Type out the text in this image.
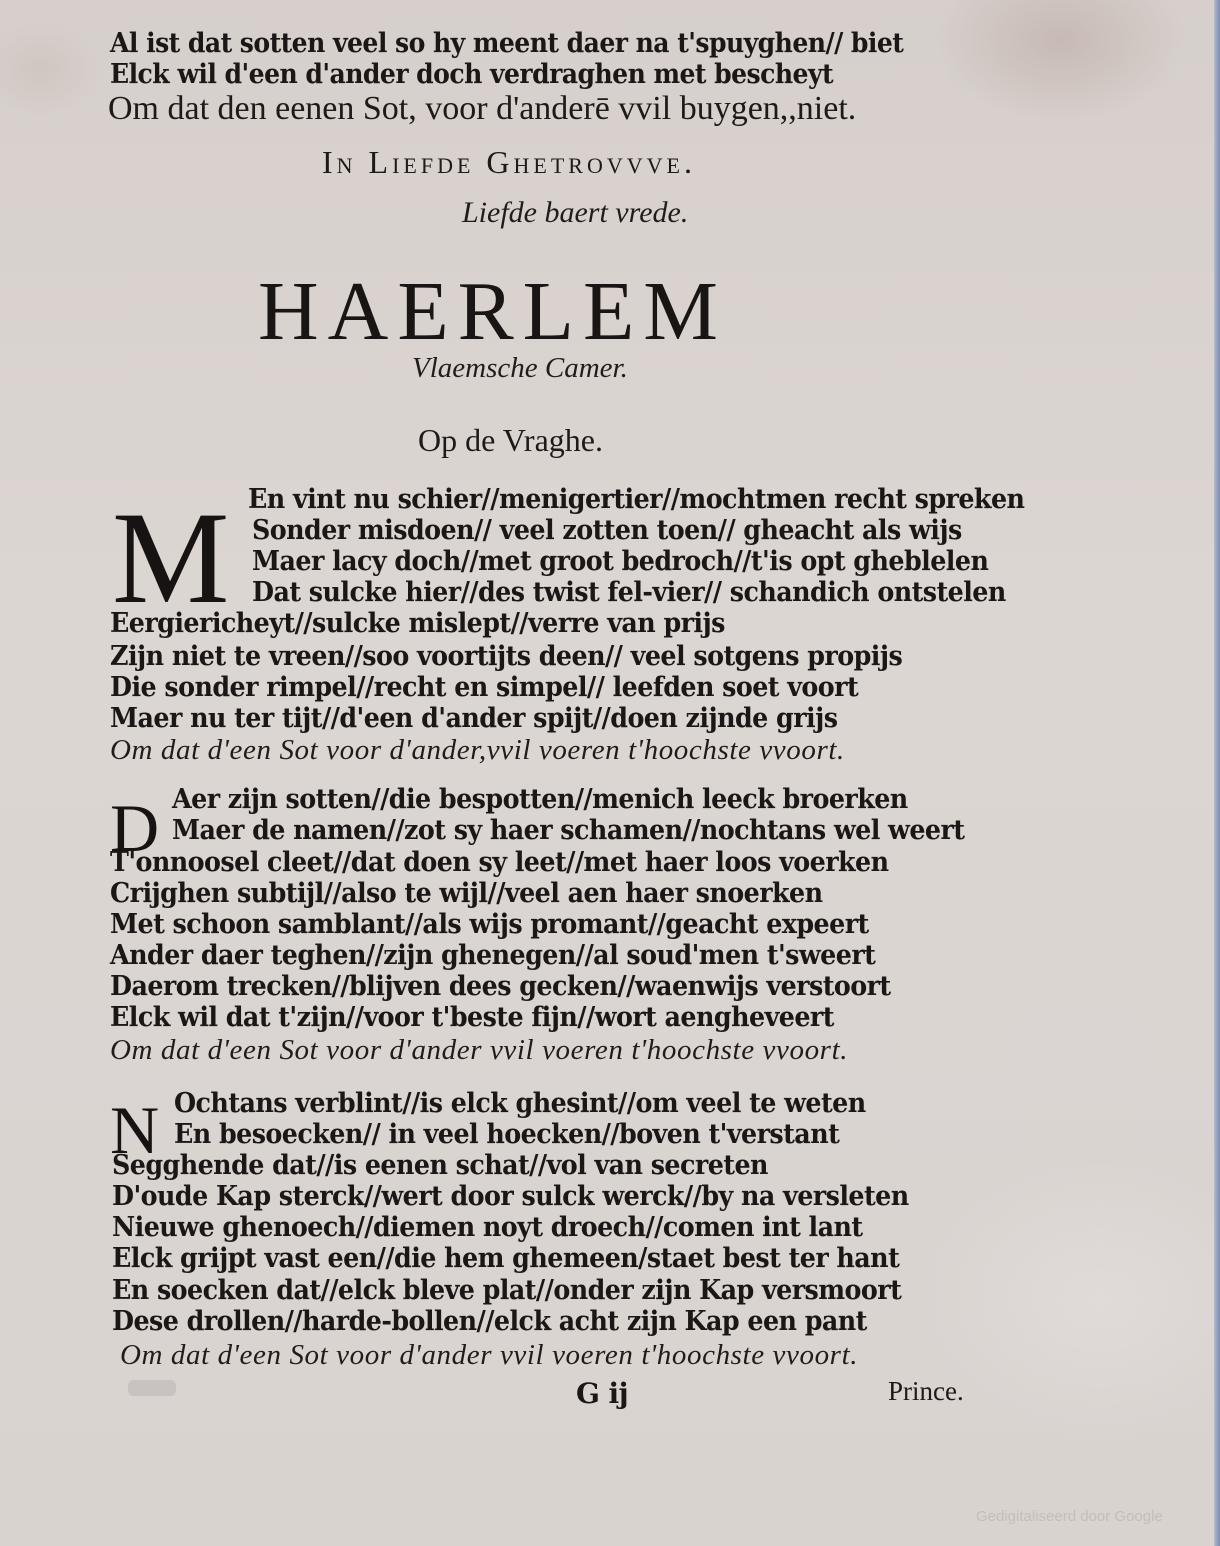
Al ist dat sotten veel so hy meent daer na t'spuyghen// biet
Elck wil d'een d'ander doch verdraghen met bescheyt
Om dat den eenen Sot, voor d'anderē vvil buygen,,niet.
In Liefde Ghetrovvve.
Liefde baert vrede.
HAERLEM
Vlaemsche Camer.
Op de Vraghe.
M En vint nu schier//menigertier//mochtmen recht spreken
Sonder misdoen// veel zotten toen// gheacht als wijs
Maer lacy doch//met groot bedroch//t'is opt gheblelen
Dat sulcke hier//des twist fel-vier// schandich ontstelen
Eergiericheyt//sulcke mislept//verre van prijs
Zijn niet te vreen//soo voortijts deen// veel sotgens propijs
Die sonder rimpel//recht en simpel// leefden soet voort
Maer nu ter tijt//d'een d'ander spijt//doen zijnde grijs
Om dat d'een Sot voor d'ander,vvil voeren t'hoochste vvoort.
D Aer zijn sotten//die bespotten//menich leeck broerken
Maer de namen//zot sy haer schamen//nochtans wel weert
T'onnoosel cleet//dat doen sy leet//met haer loos voerken
Crijghen subtijl//also te wijl//veel aen haer snoerken
Met schoon samblant//als wijs promant//geacht expeert
Ander daer teghen//zijn ghenegen//al soud'men t'sweert
Daerom trecken//blijven dees gecken//waenwijs verstoort
Elck wil dat t'zijn//voor t'beste fijn//wort aengheveert
Om dat d'een Sot voor d'ander vvil voeren t'hoochste vvoort.
N Ochtans verblint//is elck ghesint//om veel te weten
En besoecken// in veel hoecken//boven t'verstant
Segghende dat//is eenen schat//vol van secreten
D'oude Kap sterck//wert door sulck werck//by na versleten
Nieuwe ghenoech//diemen noyt droech//comen int lant
Elck grijpt vast een//die hem ghemeen/staet best ter hant
En soecken dat//elck bleve plat//onder zijn Kap versmoort
Dese drollen//harde-bollen//elck acht zijn Kap een pant
Om dat d'een Sot voor d'ander vvil voeren t'hoochste vvoort.
G ij	Prince.
Gedigitaliseerd door Google
